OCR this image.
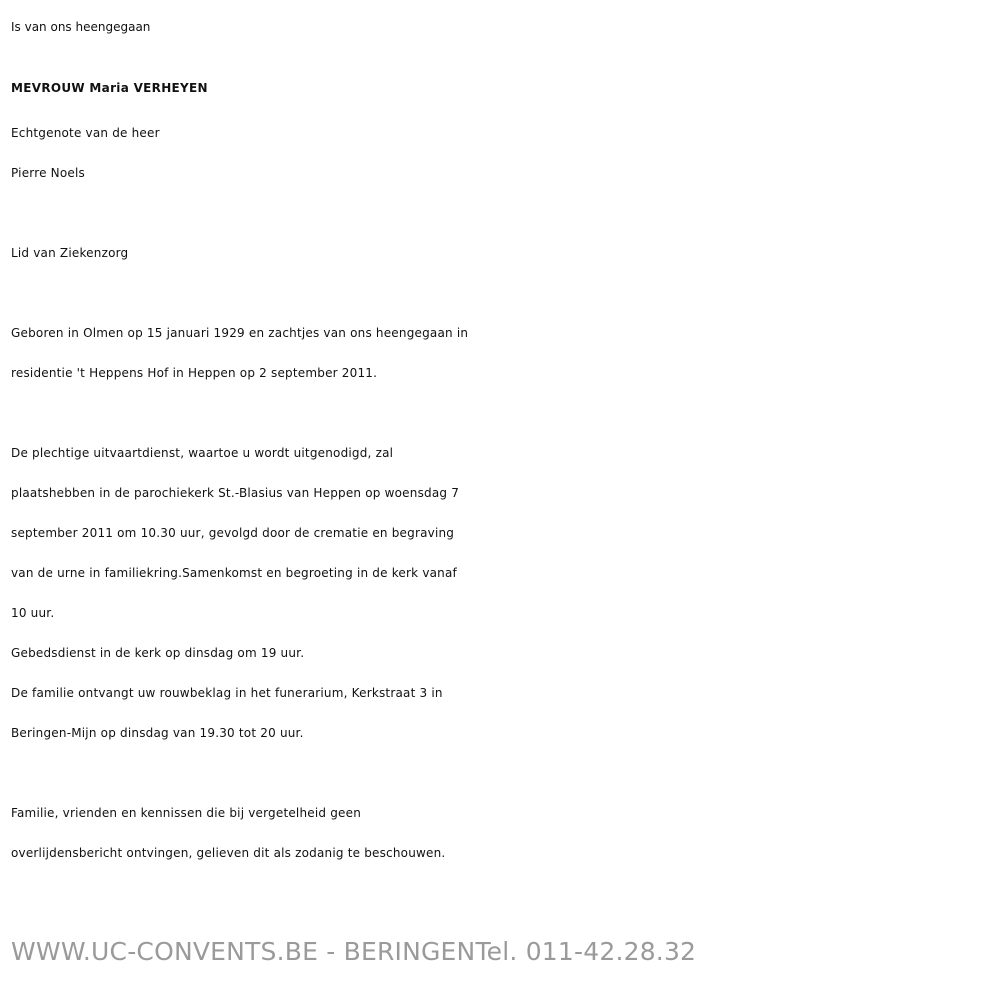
Is van ons heengegaan
MEVROUW Maria VERHEYEN
Echtgenote van de heer
Pierre Noels
Lid van Ziekenzorg
Geboren in Olmen op 15 januari 1929 en zachtjes van ons heengegaan in
residentie 't Heppens Hof in Heppen op 2 september 2011.
De plechtige uitvaartdienst, waartoe u wordt uitgenodigd, zal
plaatshebben in de parochiekerk St.-Blasius van Heppen op woensdag 7
september 2011 om 10.30 uur, gevolgd door de crematie en begraving
van de urne in familiekring.Samenkomst en begroeting in de kerk vanaf
10 uur.
Gebedsdienst in de kerk op dinsdag om 19 uur.
De familie ontvangt uw rouwbeklag in het funerarium, Kerkstraat 3 in
Beringen-Mijn op dinsdag van 19.30 tot 20 uur.
Familie, vrienden en kennissen die bij vergetelheid geen
overlijdensbericht ontvingen, gelieven dit als zodanig te beschouwen.
WWW.UC-CONVENTS.BE - BERINGENTel. 011-42.28.32
